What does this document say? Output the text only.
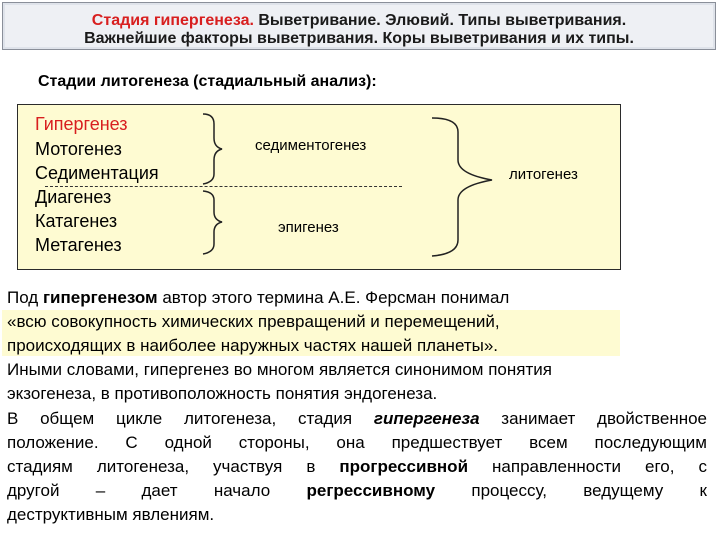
Стадия гипергенеза. Выветривание. Элювий. Типы выветривания.
Важнейшие факторы выветривания. Коры выветривания и их типы.
Стадии литогенеза (стадиальный анализ):
Гипергенез
Мотогенез
Седиментация
Диагенез
Катагенез
Метагенез
седиментогенез
эпигенез
литогенез
Под гипергенезом автор этого термина А.Е. Ферсман понимал
«всю совокупность химических превращений и перемещений,
происходящих в наиболее наружных частях нашей планеты».
Иными словами, гипергенез во многом является синонимом понятия
экзогенеза, в противоположность понятия эндогенеза.
В общем цикле литогенеза, стадия гипергенеза занимает двойственное
положение. С одной стороны, она предшествует всем последующим
стадиям литогенеза, участвуя в прогрессивной направленности его, с
другой – дает начало регрессивному процессу, ведущему к
деструктивным явлениям.
